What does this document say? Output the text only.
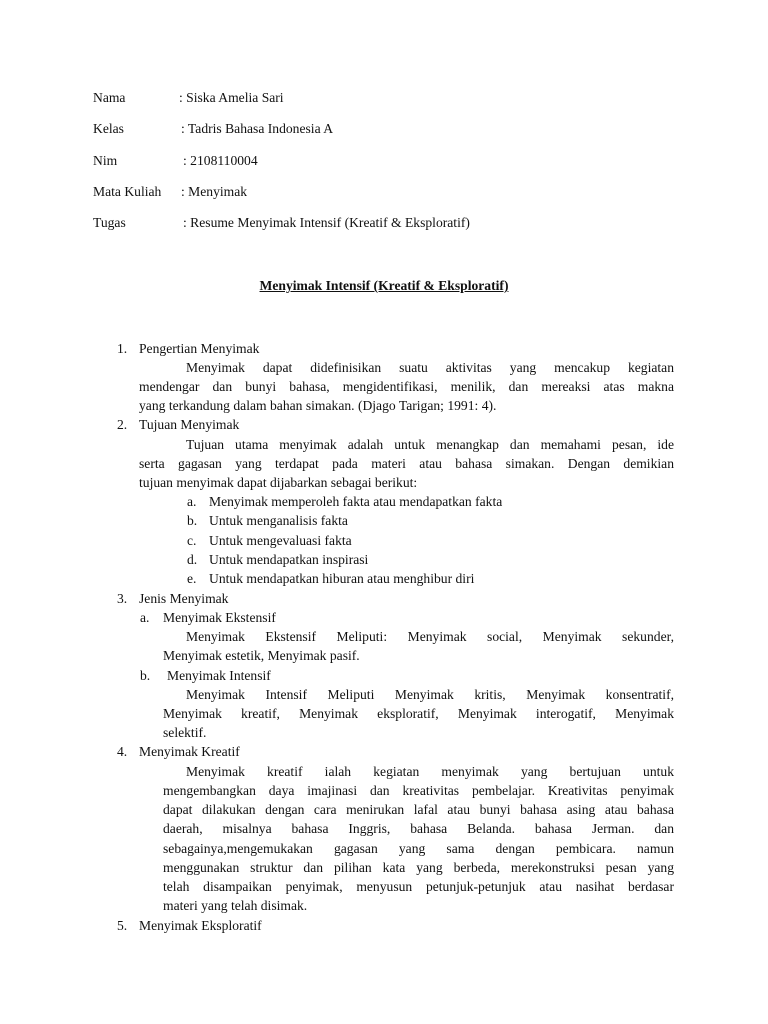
Nama	: Siska Amelia Sari
Kelas	: Tadris Bahasa Indonesia A
Nim	: 2108110004
Mata Kuliah : Menyimak
Tugas	: Resume Menyimak Intensif (Kreatif & Eksploratif)
Menyimak Intensif (Kreatif & Eksploratif)
1. Pengertian Menyimak
Menyimak dapat didefinisikan suatu aktivitas yang mencakup kegiatan
mendengar dan bunyi bahasa, mengidentifikasi, menilik, dan mereaksi atas makna
yang terkandung dalam bahan simakan. (Djago Tarigan; 1991: 4).
2. Tujuan Menyimak
Tujuan utama menyimak adalah untuk menangkap dan memahami pesan, ide
serta gagasan yang terdapat pada materi atau bahasa simakan. Dengan demikian
tujuan menyimak dapat dijabarkan sebagai berikut:
a. Menyimak memperoleh fakta atau mendapatkan fakta
b. Untuk menganalisis fakta
c. Untuk mengevaluasi fakta
d. Untuk mendapatkan inspirasi
e. Untuk mendapatkan hiburan atau menghibur diri
3. Jenis Menyimak
a. Menyimak Ekstensif
Menyimak Ekstensif Meliputi: Menyimak social, Menyimak sekunder,
Menyimak estetik, Menyimak pasif.
b. Menyimak Intensif
Menyimak Intensif Meliputi Menyimak kritis, Menyimak konsentratif,
Menyimak kreatif, Menyimak eksploratif, Menyimak interogatif, Menyimak
selektif.
4. Menyimak Kreatif
Menyimak kreatif ialah kegiatan menyimak yang bertujuan untuk
mengembangkan daya imajinasi dan kreativitas pembelajar. Kreativitas penyimak
dapat dilakukan dengan cara menirukan lafal atau bunyi bahasa asing atau bahasa
daerah, misalnya bahasa Inggris, bahasa Belanda. bahasa Jerman. dan
sebagainya,mengemukakan gagasan yang sama dengan pembicara. namun
menggunakan struktur dan pilihan kata yang berbeda, merekonstruksi pesan yang
telah disampaikan penyimak, menyusun petunjuk-petunjuk atau nasihat berdasar
materi yang telah disimak.
5. Menyimak Eksploratif
